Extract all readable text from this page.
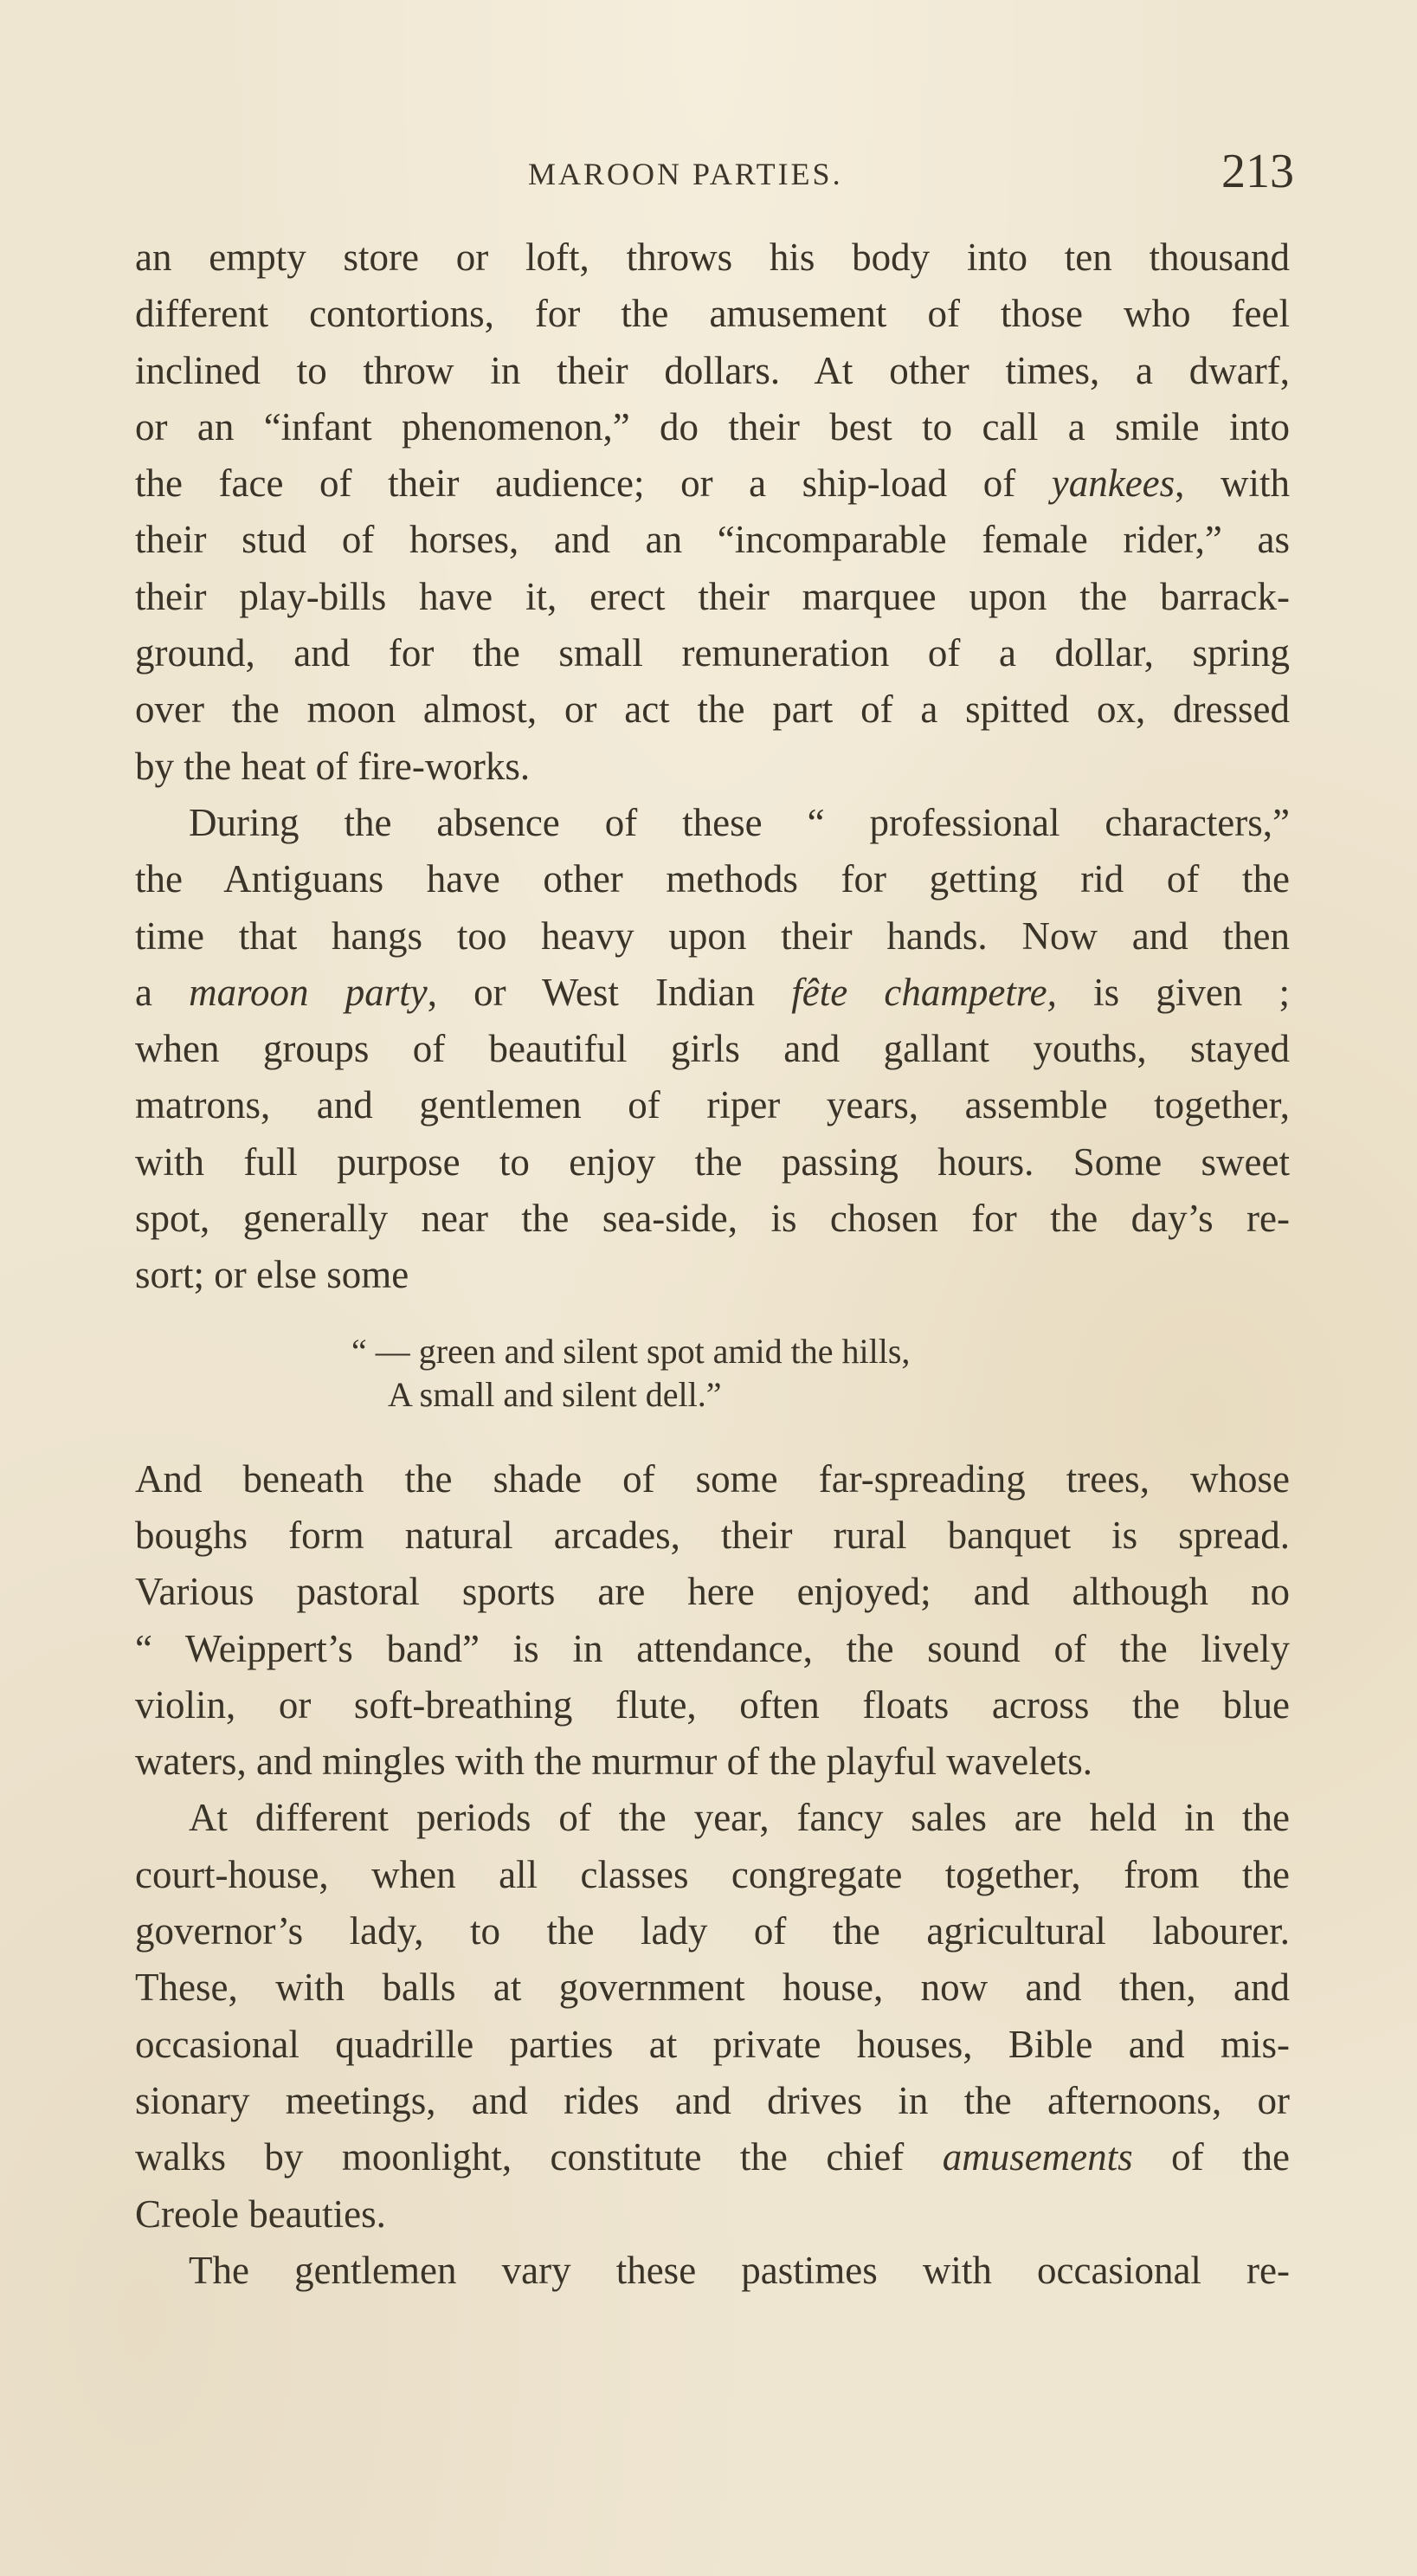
MAROON PARTIES.	213
an empty store or loft, throws his body into ten thousand
different contortions, for the amusement of those who feel
inclined to throw in their dollars. At other times, a dwarf,
or an “infant phenomenon,” do their best to call a smile into
the face of their audience; or a ship-load of yankees, with
their stud of horses, and an “incomparable female rider,” as
their play-bills have it, erect their marquee upon the barrack-
ground, and for the small remuneration of a dollar, spring
over the moon almost, or act the part of a spitted ox, dressed
by the heat of fire-works.
During the absence of these “ professional characters,”
the Antiguans have other methods for getting rid of the
time that hangs too heavy upon their hands. Now and then
a maroon party, or West Indian fête champetre, is given ;
when groups of beautiful girls and gallant youths, stayed
matrons, and gentlemen of riper years, assemble together,
with full purpose to enjoy the passing hours. Some sweet
spot, generally near the sea-side, is chosen for the day’s re-
sort; or else some
“ — green and silent spot amid the hills,
A small and silent dell.”
And beneath the shade of some far-spreading trees, whose
boughs form natural arcades, their rural banquet is spread.
Various pastoral sports are here enjoyed; and although no
“ Weippert’s band” is in attendance, the sound of the lively
violin, or soft-breathing flute, often floats across the blue
waters, and mingles with the murmur of the playful wavelets.
At different periods of the year, fancy sales are held in the
court-house, when all classes congregate together, from the
governor’s lady, to the lady of the agricultural labourer.
These, with balls at government house, now and then, and
occasional quadrille parties at private houses, Bible and mis-
sionary meetings, and rides and drives in the afternoons, or
walks by moonlight, constitute the chief amusements of the
Creole beauties.
The gentlemen vary these pastimes with occasional re-
